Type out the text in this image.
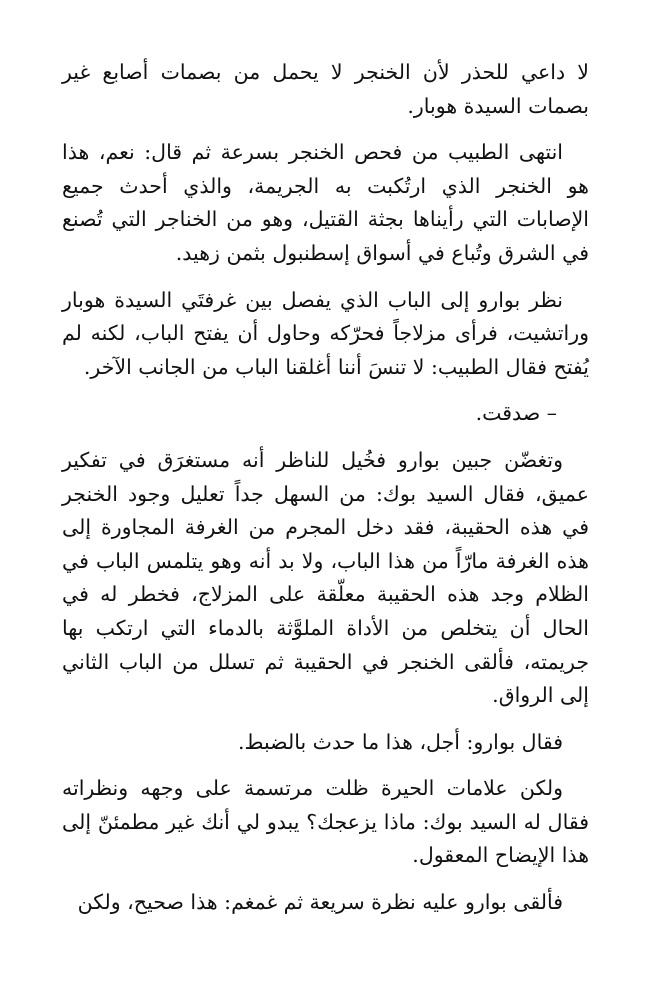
لا داعي للحذر لأن الخنجر لا يحمل من بصمات أصابع غير بصمات السيدة هوبار.

انتهى الطبيب من فحص الخنجر بسرعة ثم قال: نعم، هذا هو الخنجر الذي ارتُكبت به الجريمة، والذي أحدث جميع الإصابات التي رأيناها بجثة القتيل، وهو من الخناجر التي تُصنع في الشرق وتُباع في أسواق إسطنبول بثمن زهيد.

نظر بوارو إلى الباب الذي يفصل بين غرفتَي السيدة هوبار وراتشيت، فرأى مزلاجاً فحرّكه وحاول أن يفتح الباب، لكنه لم يُفتح فقال الطبيب: لا تنسَ أننا أغلقنا الباب من الجانب الآخر.

– صدقت.

وتغضّن جبين بوارو فخُيل للناظر أنه مستغرَق في تفكير عميق، فقال السيد بوك: من السهل جداً تعليل وجود الخنجر في هذه الحقيبة، فقد دخل المجرم من الغرفة المجاورة إلى هذه الغرفة مارّاً من هذا الباب، ولا بد أنه وهو يتلمس الباب في الظلام وجد هذه الحقيبة معلّقة على المزلاج، فخطر له في الحال أن يتخلص من الأداة الملوَّثة بالدماء التي ارتكب بها جريمته، فألقى الخنجر في الحقيبة ثم تسلل من الباب الثاني إلى الرواق.

فقال بوارو: أجل، هذا ما حدث بالضبط.

ولكن علامات الحيرة ظلت مرتسمة على وجهه ونظراته فقال له السيد بوك: ماذا يزعجك؟ يبدو لي أنك غير مطمئنّ إلى هذا الإيضاح المعقول.

فألقى بوارو عليه نظرة سريعة ثم غمغم: هذا صحيح، ولكن
